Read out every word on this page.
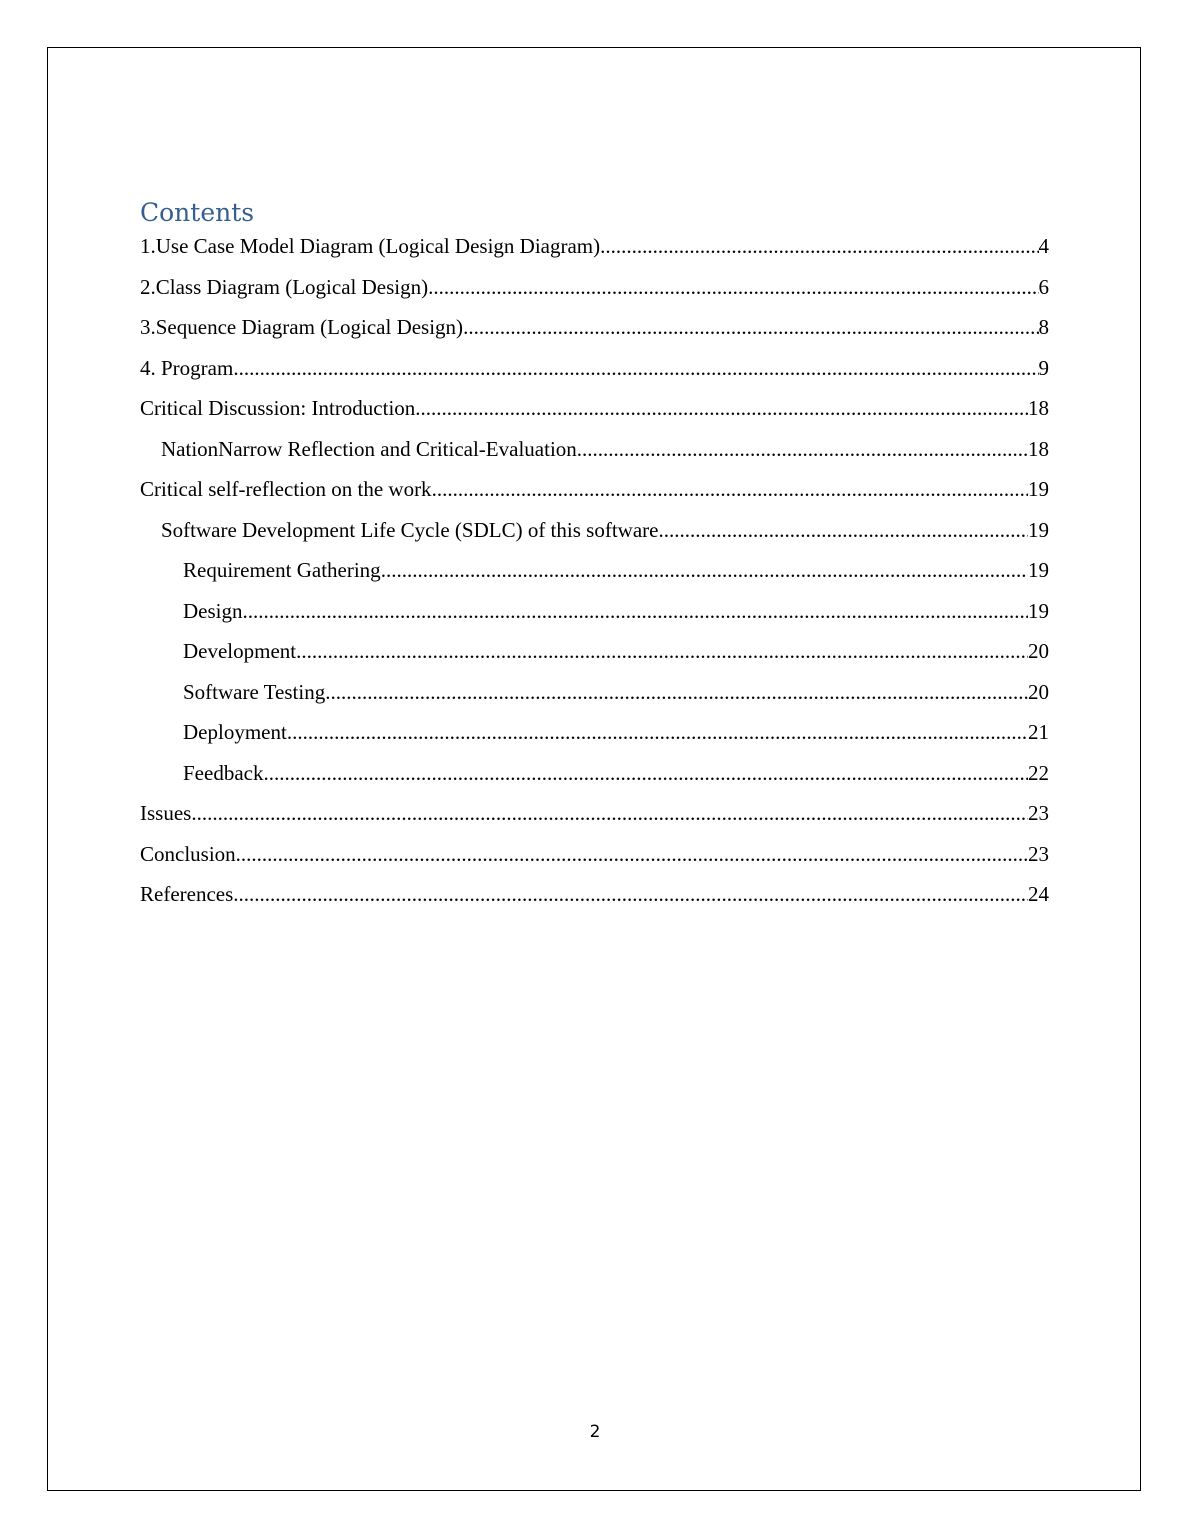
Contents
1.Use Case Model Diagram (Logical Design Diagram) .....	4
2.Class Diagram (Logical Design) .....	6
3.Sequence Diagram (Logical Design) .....	8
4. Program .....	9
Critical Discussion: Introduction .....	18
NationNarrow Reflection and Critical-Evaluation .....	18
Critical self-reflection on the work .....	19
Software Development Life Cycle (SDLC) of this software .....	19
Requirement Gathering .....	19
Design .....	19
Development .....	20
Software Testing .....	20
Deployment .....	21
Feedback .....	22
Issues .....	23
Conclusion .....	23
References .....	24
2
